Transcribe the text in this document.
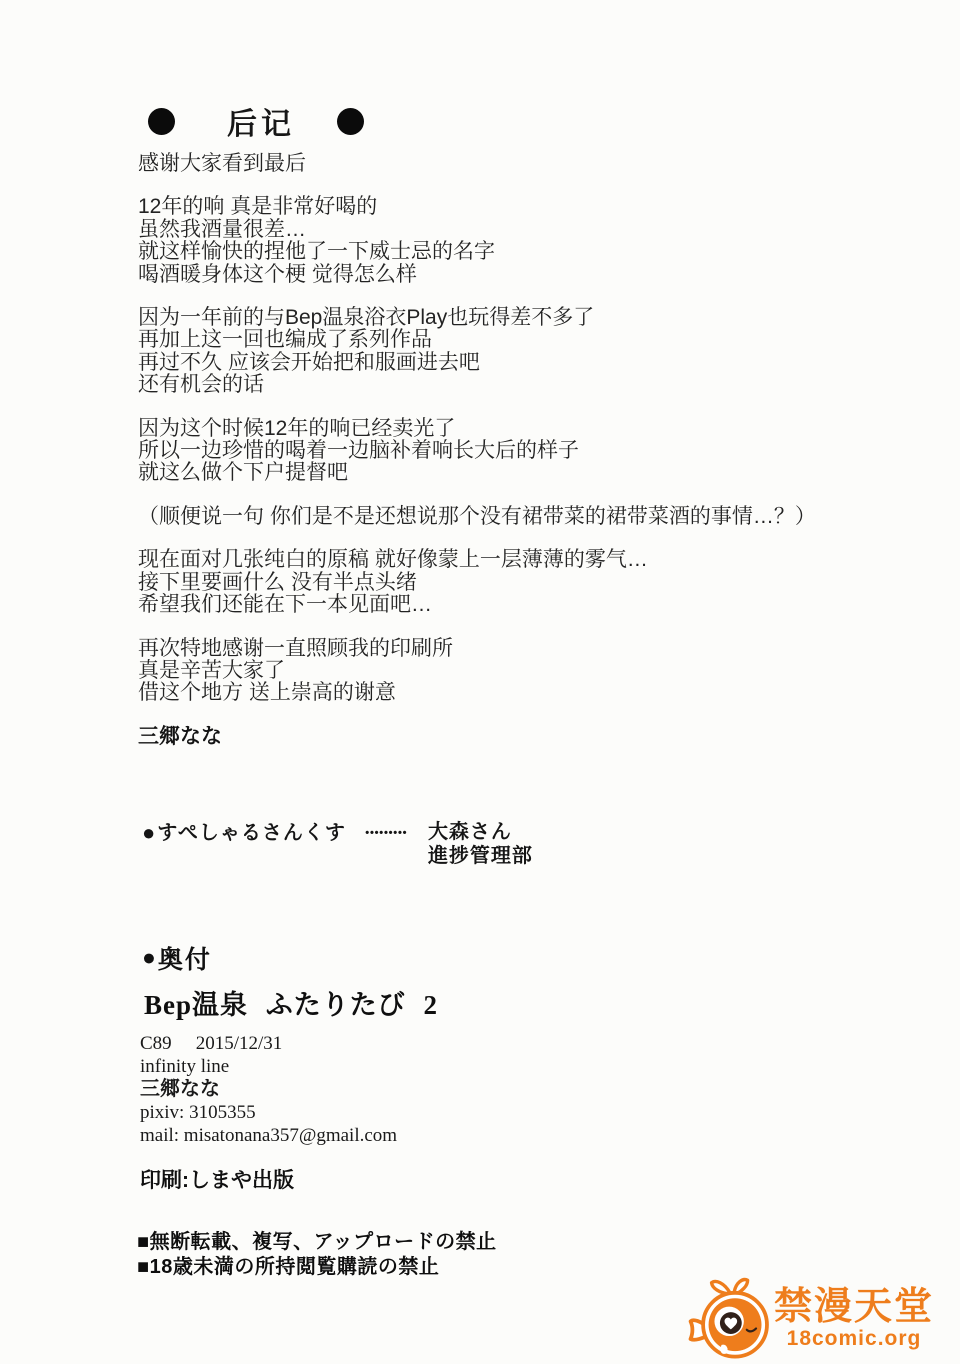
后记

感谢大家看到最后

12年的响 真是非常好喝的
虽然我酒量很差…
就这样愉快的捏他了一下威士忌的名字
喝酒暖身体这个梗 觉得怎么样

因为一年前的与Bep温泉浴衣Play也玩得差不多了
再加上这一回也编成了系列作品
再过不久 应该会开始把和服画进去吧
还有机会的话

因为这个时候12年的响已经卖光了
所以一边珍惜的喝着一边脑补着响长大后的样子
就这么做个下户提督吧

（顺便说一句 你们是不是还想说那个没有裙带菜的裙带菜酒的事情…？）

现在面对几张纯白的原稿 就好像蒙上一层薄薄的雾气…
接下里要画什么 没有半点头绪
希望我们还能在下一本见面吧…

再次特地感谢一直照顾我的印刷所
真是辛苦大家了
借这个地方 送上崇高的谢意

三郷なな

● すぺしゃるさんくす ········· 大森さん
進捗管理部
● 奥付
Bep温泉 ふたりたび 2
C89 2015/12/31
infinity line
三郷なな
pixiv: 3105355
mail: misatonana357@gmail.com
印刷:しまや出版
■無断転載、複写、アップロードの禁止
■18歳未満の所持閲覧購読の禁止
禁漫天堂
18comic.org
